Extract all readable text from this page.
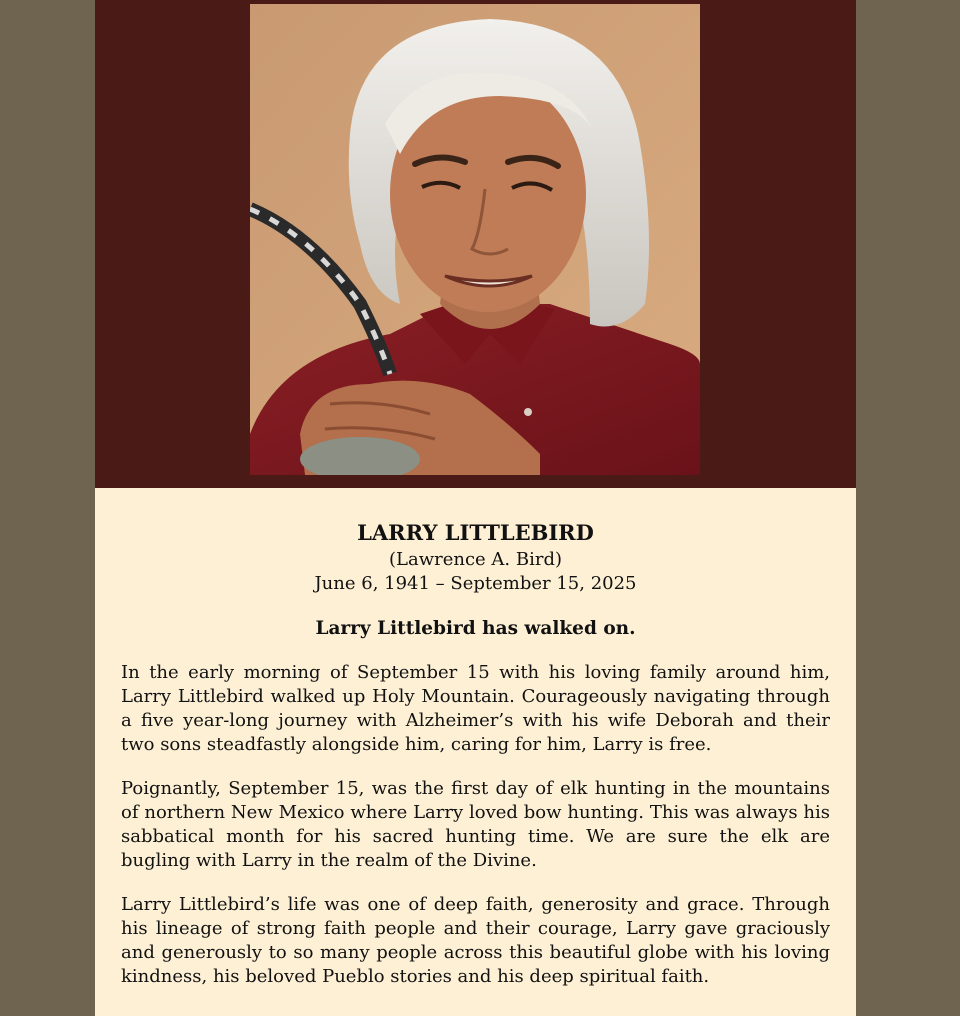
LARRY LITTLEBIRD

(Lawrence A. Bird)

June 6, 1941 – September 15, 2025

Larry Littlebird has walked on.

In the early morning of September 15 with his loving family around him, Larry Littlebird walked up Holy Mountain. Courageously navigating through a five year-long journey with Alzheimer’s with his wife Deborah and their two sons steadfastly alongside him, caring for him, Larry is free.

Poignantly, September 15, was the first day of elk hunting in the mountains of northern New Mexico where Larry loved bow hunting. This was always his sabbatical month for his sacred hunting time. We are sure the elk are bugling with Larry in the realm of the Divine.

Larry Littlebird’s life was one of deep faith, generosity and grace. Through his lineage of strong faith people and their courage, Larry gave graciously and generously to so many people across this beautiful globe with his loving kindness, his beloved Pueblo stories and his deep spiritual faith.
